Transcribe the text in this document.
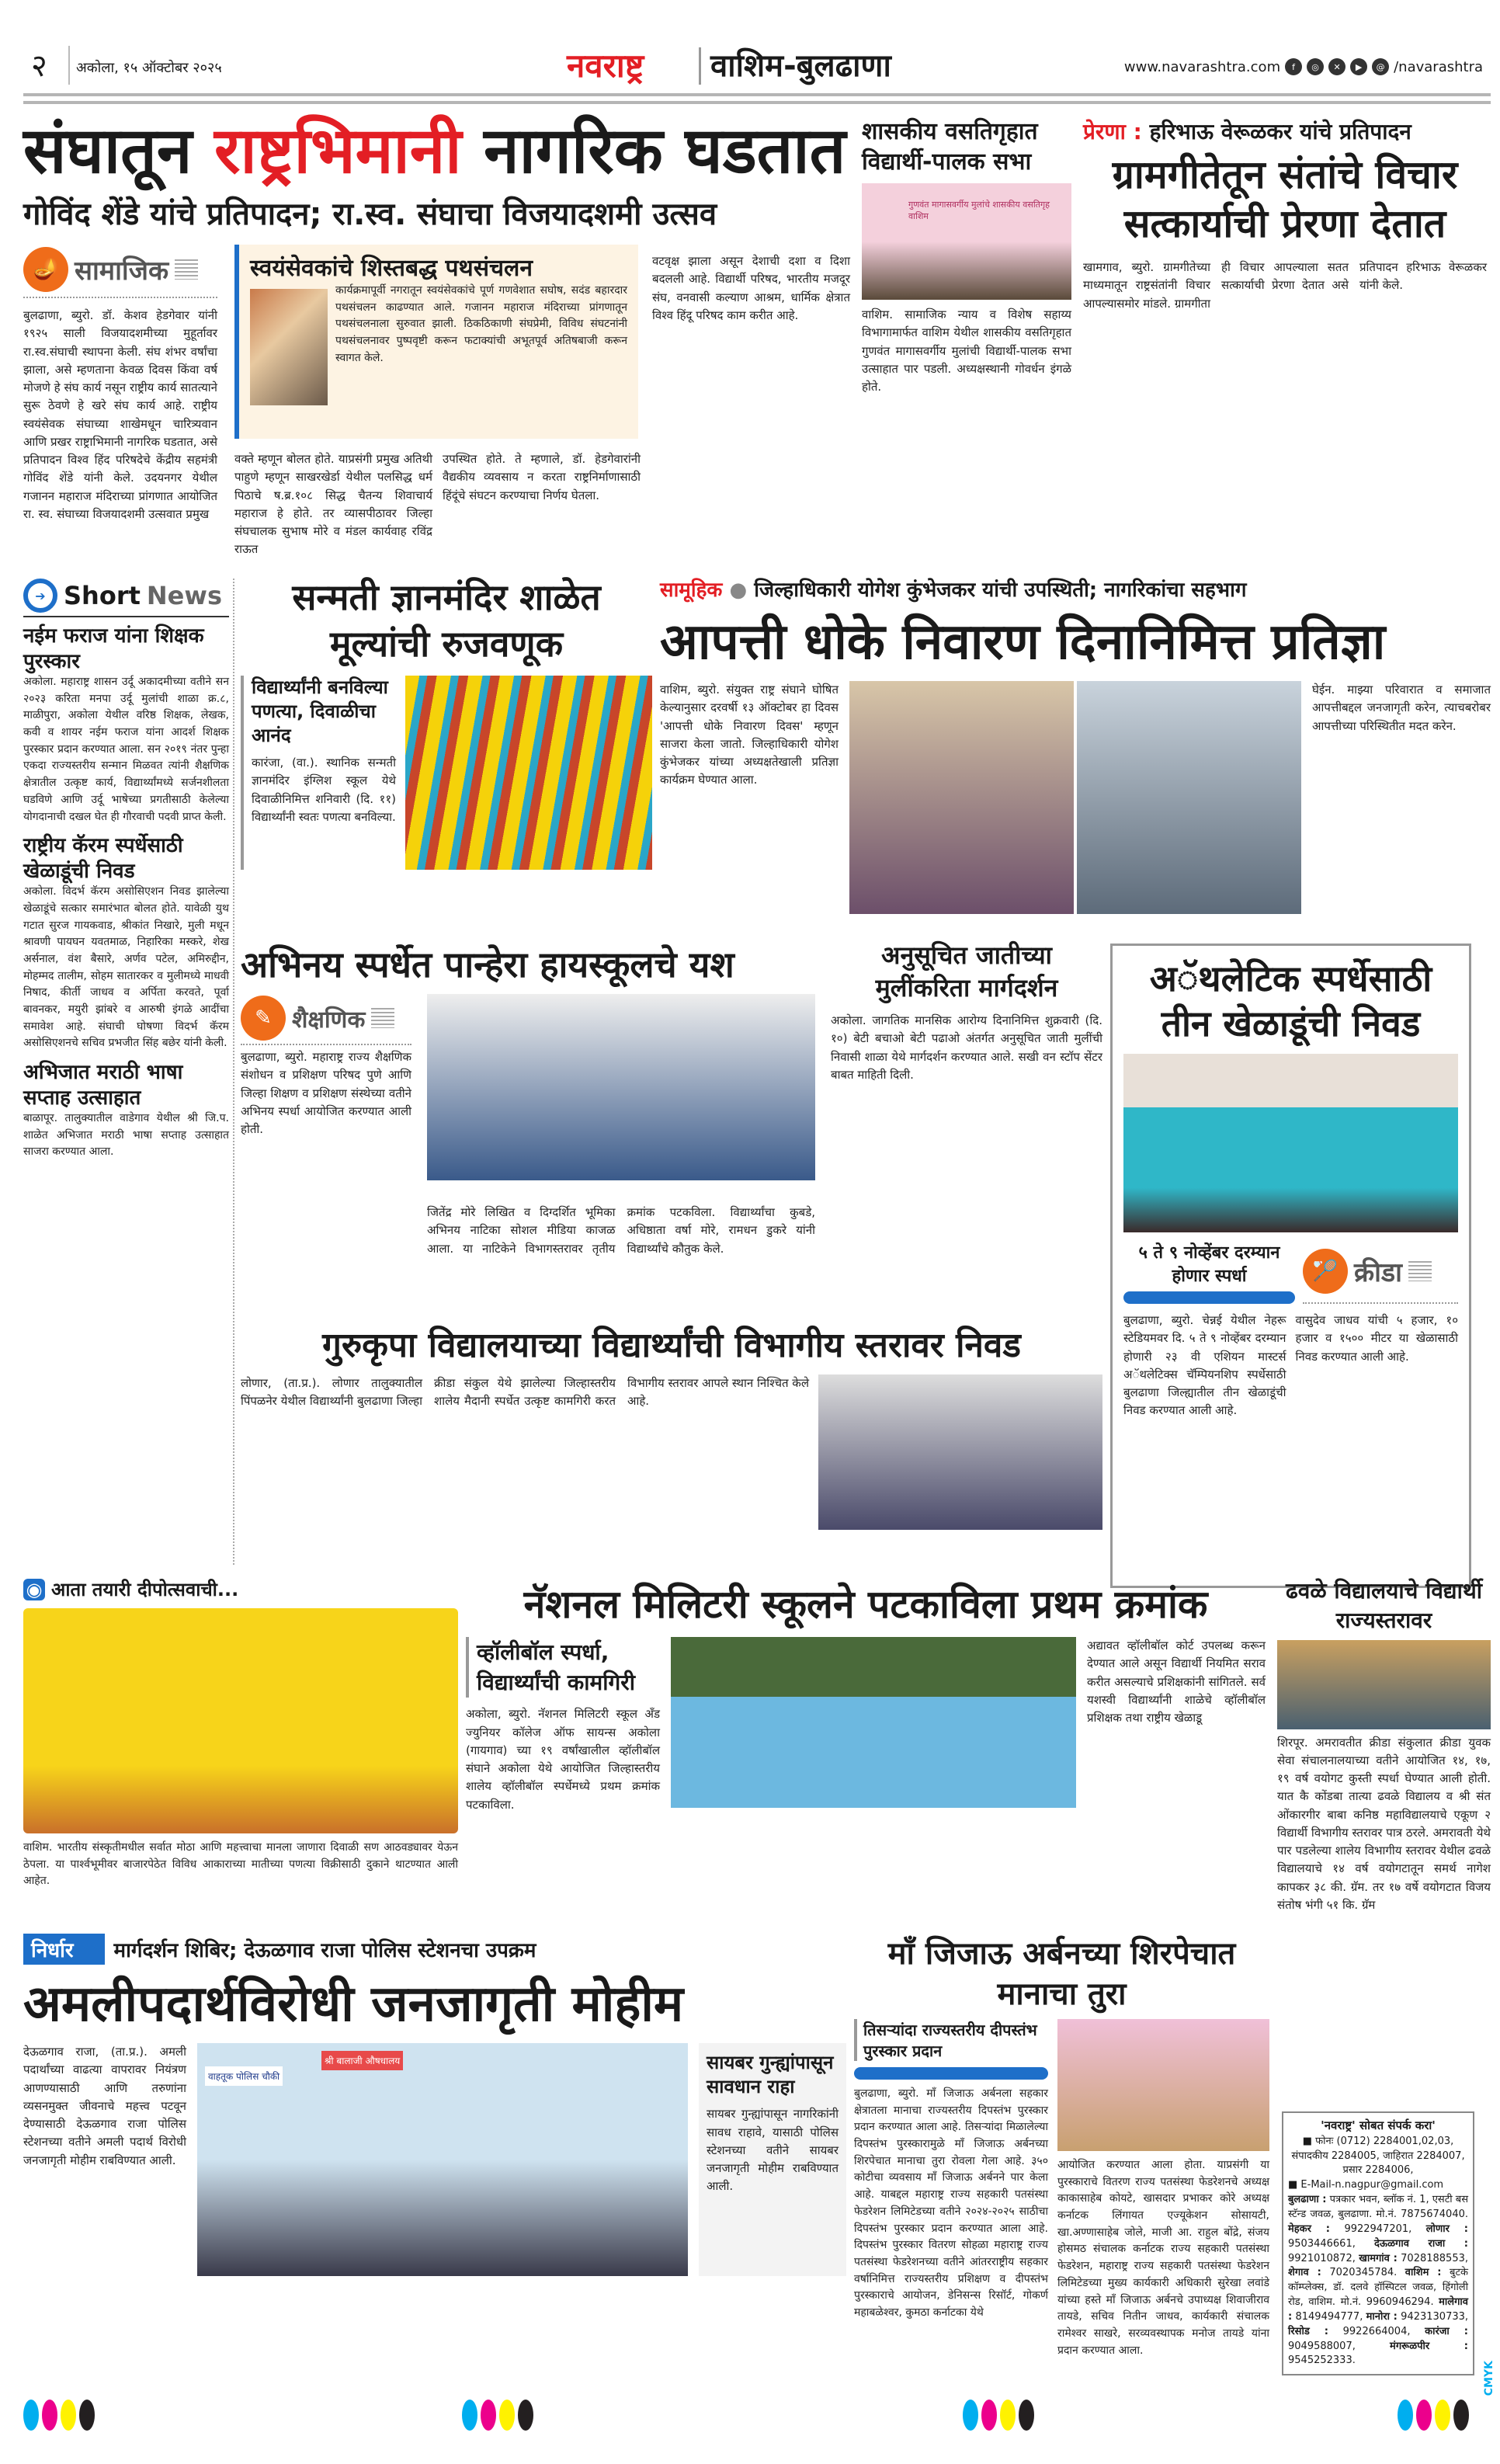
२ अकोला, १५ ऑक्टोबर २०२५	नवराष्ट्र वाशिम-बुलढाणा	www.navarashtra.com	f	◎	✕	▶	@ /navarashtra
संघातून राष्ट्रभिमानी नागरिक घडतात
गोविंद शेंडे यांचे प्रतिपादन; रा.स्व. संघाचा विजयादशमी उत्सव
🪔 सामाजिक

बुलढाणा, ब्युरो. डॉ. केशव हेडगेवार यांनी १९२५ साली विजयादशमीच्या मुहूर्तावर रा.स्व.संघाची स्थापना केली. संघ शंभर वर्षांचा झाला, असे म्हणताना केवळ दिवस किंवा वर्ष मोजणे हे संघ कार्य नसून राष्ट्रीय कार्य सातत्याने सुरू ठेवणे हे खरे संघ कार्य आहे. राष्ट्रीय स्वयंसेवक संघाच्या शाखेमधून चारित्र्यवान आणि प्रखर राष्ट्राभिमानी नागरिक घडतात, असे प्रतिपादन विश्व हिंद परिषदेचे केंद्रीय सहमंत्री गोविंद शेंडे यांनी केले. उदयनगर येथील गजानन महाराज मंदिराच्या प्रांगणात आयोजित रा. स्व. संघाच्या विजयादशमी उत्सवात प्रमुख

स्वयंसेवकांचे शिस्तबद्ध पथसंचलन

कार्यक्रमापूर्वी नगरातून स्वयंसेवकांचे पूर्ण गणवेशात सघोष, सदंड बहारदार पथसंचलन काढण्यात आले. गजानन महाराज मंदिराच्या प्रांगणातून पथसंचलनाला सुरुवात झाली. ठिकठिकाणी संघप्रेमी, विविध संघटनांनी पथसंचलनावर पुष्पवृष्टी करून फटाक्यांची अभूतपूर्व अतिषबाजी करून स्वागत केले.

वक्ते म्हणून बोलत होते. याप्रसंगी प्रमुख अतिथी पाहुणे म्हणून साखरखेर्डा येथील पलसिद्ध धर्म पिठाचे ष.ब्र.१०८ सिद्ध चैतन्य शिवाचार्य महाराज हे होते. तर व्यासपीठावर जिल्हा संघचालक सुभाष मोरे व मंडल कार्यवाह रविंद्र राऊत

उपस्थित होते. ते म्हणाले, डॉ. हेडगेवारांनी वैद्यकीय व्यवसाय न करता राष्ट्रनिर्माणासाठी हिंदूंचे संघटन करण्याचा निर्णय घेतला.

वटवृक्ष झाला असून देशाची दशा व दिशा बदलली आहे. विद्यार्थी परिषद, भारतीय मजदूर संघ, वनवासी कल्याण आश्रम, धार्मिक क्षेत्रात विश्व हिंदू परिषद काम करीत आहे.

शासकीय वसतिगृहात विद्यार्थी-पालक सभा
गुणवंत मागासवर्गीय मुलांचे शासकीय वसतिगृह वाशिम

वाशिम. सामाजिक न्याय व विशेष सहाय्य विभागामार्फत वाशिम येथील शासकीय वसतिगृहात गुणवंत मागासवर्गीय मुलांची विद्यार्थी-पालक सभा उत्साहात पार पडली. अध्यक्षस्थानी गोवर्धन इंगळे होते.

प्रेरणा : हरिभाऊ वेरूळकर यांचे प्रतिपादन
ग्रामगीतेतून संतांचे विचार सत्कार्याची प्रेरणा देतात

खामगाव, ब्युरो. ग्रामगीतेच्या माध्यमातून राष्ट्रसंतांनी विचार आपल्यासमोर मांडले. ग्रामगीता ही विचार आपल्याला सतत सत्कार्याची प्रेरणा देतात असे प्रतिपादन हरिभाऊ वेरूळकर यांनी केले.

➔ Short News
नईम फराज यांना शिक्षक पुरस्कार

अकोला. महाराष्ट्र शासन उर्दू अकादमीच्या वतीने सन २०२३ करिता मनपा उर्दू मुलांची शाळा क्र.८, माळीपुरा, अकोला येथील वरिष्ठ शिक्षक, लेखक, कवी व शायर नईम फराज यांना आदर्श शिक्षक पुरस्कार प्रदान करण्यात आला. सन २०१९ नंतर पुन्हा एकदा राज्यस्तरीय सन्मान मिळवत त्यांनी शैक्षणिक क्षेत्रातील उत्कृष्ट कार्य, विद्यार्थ्यांमध्ये सर्जनशीलता घडविणे आणि उर्दू भाषेच्या प्रगतीसाठी केलेल्या योगदानाची दखल घेत ही गौरवाची पदवी प्राप्त केली.

राष्ट्रीय कॅरम स्पर्धेसाठी खेळाडूंची निवड

अकोला. विदर्भ कॅरम असोसिएशन निवड झालेल्या खेळाडूंचे सत्कार समारंभात बोलत होते. यावेळी युथ गटात सुरज गायकवाड, श्रीकांत निखारे, मुली मधून श्रावणी पायघन यवतमाळ, निहारिका मस्करे, शेख अर्सनाल, वंश बैसारे, अर्णव पटेल, अमिरुद्दीन, मोहम्मद तालीम, सोहम सातारकर व मुलीमध्ये माधवी निषाद, कीर्ती जाधव व अर्पिता करवते, पूर्वा बावनकर, मयुरी झांबरे व आरुषी इंगळे आदींचा समावेश आहे. संघाची घोषणा विदर्भ कॅरम असोसिएशनचे सचिव प्रभजीत सिंह बछेर यांनी केली.

अभिजात मराठी भाषा सप्ताह उत्साहात

बाळापूर. तालुक्यातील वाडेगाव येथील श्री जि.प. शाळेत अभिजात मराठी भाषा सप्ताह उत्साहात साजरा करण्यात आला.

सन्मती ज्ञानमंदिर शाळेत मूल्यांची रुजवणूक
विद्यार्थ्यांनी बनविल्या पणत्या, दिवाळीचा आनंद

कारंजा, (वा.). स्थानिक सन्मती ज्ञानमंदिर इंग्लिश स्कूल येथे दिवाळीनिमित्त शनिवारी (दि. ११) विद्यार्थ्यांनी स्वतः पणत्या बनविल्या.

सामूहिक ● जिल्हाधिकारी योगेश कुंभेजकर यांची उपस्थिती; नागरिकांचा सहभाग
आपत्ती धोके निवारण दिनानिमित्त प्रतिज्ञा

वाशिम, ब्युरो. संयुक्त राष्ट्र संघाने घोषित केल्यानुसार दरवर्षी १३ ऑक्टोबर हा दिवस 'आपत्ती धोके निवारण दिवस' म्हणून साजरा केला जातो. जिल्हाधिकारी योगेश कुंभेजकर यांच्या अध्यक्षतेखाली प्रतिज्ञा कार्यक्रम घेण्यात आला.

घेईन. माझ्या परिवारात व समाजात आपत्तीबद्दल जनजागृती करेन, त्याचबरोबर आपत्तीच्या परिस्थितीत मदत करेन.

अभिनय स्पर्धेत पान्हेरा हायस्कूलचे यश
✎ शैक्षणिक

बुलढाणा, ब्युरो. महाराष्ट्र राज्य शैक्षणिक संशोधन व प्रशिक्षण परिषद पुणे आणि जिल्हा शिक्षण व प्रशिक्षण संस्थेच्या वतीने अभिनय स्पर्धा आयोजित करण्यात आली होती.

जितेंद्र मोरे लिखित व दिग्दर्शित भूमिका अभिनय नाटिका सोशल मीडिया काजळ आला. या नाटिकेने विभागस्तरावर तृतीय क्रमांक पटकविला. विद्यार्थ्यांचा कुबडे, अधिष्ठाता वर्षा मोरे, रामधन डुकरे यांनी विद्यार्थ्यांचे कौतुक केले.

अनुसूचित जातीच्या मुलींकरिता मार्गदर्शन

अकोला. जागतिक मानसिक आरोग्य दिनानिमित्त शुक्रवारी (दि. १०) बेटी बचाओ बेटी पढाओ अंतर्गत अनुसूचित जाती मुलींची निवासी शाळा येथे मार्गदर्शन करण्यात आले. सखी वन स्टॉप सेंटर बाबत माहिती दिली.

अॅथलेटिक स्पर्धेसाठी तीन खेळाडूंची निवड
५ ते ९ नोव्हेंबर दरम्यान होणार स्पर्धा	🏸 क्रीडा

बुलढाणा, ब्युरो. चेन्नई येथील नेहरू स्टेडियमवर दि. ५ ते ९ नोव्हेंबर दरम्यान होणारी २३ वी एशियन मास्टर्स अॅथलेटिक्स चॅम्पियनशिप स्पर्धेसाठी बुलढाणा जिल्ह्यातील तीन खेळाडूंची निवड करण्यात आली आहे.

वासुदेव जाधव यांची ५ हजार, १० हजार व १५०० मीटर या खेळासाठी निवड करण्यात आली आहे.

गुरुकृपा विद्यालयाच्या विद्यार्थ्यांची विभागीय स्तरावर निवड

लोणार, (ता.प्र.). लोणार तालुक्यातील पिंपळनेर येथील विद्यार्थ्यांनी बुलढाणा जिल्हा क्रीडा संकुल येथे झालेल्या जिल्हास्तरीय शालेय मैदानी स्पर्धेत उत्कृष्ट कामगिरी करत विभागीय स्तरावर आपले स्थान निश्चित केले आहे.

◉ आता तयारी दीपोत्सवाची...

वाशिम. भारतीय संस्कृतीमधील सर्वात मोठा आणि महत्त्वाचा मानला जाणारा दिवाळी सण आठवड्यावर येऊन ठेपला. या पार्श्वभूमीवर बाजारपेठेत विविध आकाराच्या मातीच्या पणत्या विक्रीसाठी दुकाने थाटण्यात आली आहेत.

नॅशनल मिलिटरी स्कूलने पटकाविला प्रथम क्रमांक
व्हॉलीबॉल स्पर्धा, विद्यार्थ्यांची कामगिरी

अकोला, ब्युरो. नॅशनल मिलिटरी स्कूल अँड ज्युनियर कॉलेज ऑफ सायन्स अकोला (गायगाव) च्या १९ वर्षांखालील व्हॉलीबॉल संघाने अकोला येथे आयोजित जिल्हास्तरीय शालेय व्हॉलीबॉल स्पर्धेमध्ये प्रथम क्रमांक पटकाविला.

अद्यावत व्हॉलीबॉल कोर्ट उपलब्ध करून देण्यात आले असून विद्यार्थी नियमित सराव करीत असल्याचे प्रशिक्षकांनी सांगितले. सर्व यशस्वी विद्यार्थ्यांनी शाळेचे व्हॉलीबॉल प्रशिक्षक तथा राष्ट्रीय खेळाडू

ढवळे विद्यालयाचे विद्यार्थी राज्यस्तरावर

शिरपूर. अमरावतीत क्रीडा संकुलात क्रीडा युवक सेवा संचालनालयाच्या वतीने आयोजित १४, १७, १९ वर्ष वयोगट कुस्ती स्पर्धा घेण्यात आली होती. यात कै कोंडबा तात्या ढवळे विद्यालय व श्री संत ओंकारगीर बाबा कनिष्ठ महाविद्यालयाचे एकूण २ विद्यार्थी विभागीय स्तरावर पात्र ठरले. अमरावती येथे पार पडलेल्या शालेय विभागीय स्तरावर येथील ढवळे विद्यालयाचे १४ वर्ष वयोगटातून समर्थ नागेश कापकर ३८ की. ग्रॅम. तर १७ वर्षे वयोगटात विजय संतोष भंगी ५१ कि. ग्रॅम

निर्धार	मार्गदर्शन शिबिर; देऊळगाव राजा पोलिस स्टेशनचा उपक्रम
अमलीपदार्थविरोधी जनजागृती मोहीम

देऊळगाव राजा, (ता.प्र.). अमली पदार्थांच्या वाढत्या वापरावर नियंत्रण आणण्यासाठी आणि तरुणांना व्यसनमुक्त जीवनाचे महत्त्व पटवून देण्यासाठी देऊळगाव राजा पोलिस स्टेशनच्या वतीने अमली पदार्थ विरोधी जनजागृती मोहीम राबविण्यात आली.

वाहतूक पोलिस चौकी
श्री बालाजी औषधालय	सायबर गुन्ह्यांपासून सावधान राहा

सायबर गुन्ह्यांपासून नागरिकांनी सावध राहावे, यासाठी पोलिस स्टेशनच्या वतीने सायबर जनजागृती मोहीम राबविण्यात आली.

माँ जिजाऊ अर्बनच्या शिरपेचात मानाचा तुरा
तिसऱ्यांदा राज्यस्तरीय दीपस्तंभ पुरस्कार प्रदान

बुलढाणा, ब्युरो. माँ जिजाऊ अर्बनला सहकार क्षेत्रातला मानाचा राज्यस्तरीय दिपस्तंभ पुरस्कार प्रदान करण्यात आला आहे. तिसऱ्यांदा मिळालेल्या दिपस्तंभ पुरस्कारामुळे माँ जिजाऊ अर्बनच्या शिरपेचात मानाचा तुरा रोवला गेला आहे. ३५० कोटीचा व्यवसाय माँ जिजाऊ अर्बनने पार केला आहे. याबद्दल महाराष्ट्र राज्य सहकारी पतसंस्था फेडरेशन लिमिटेडच्या वतीने २०२४-२०२५ साठीचा दिपस्तंभ पुरस्कार प्रदान करण्यात आला आहे. दिपस्तंभ पुरस्कार वितरण सोहळा महाराष्ट्र राज्य पतसंस्था फेडरेशनच्या वतीने आंतरराष्ट्रीय सहकार वर्षानिमित्त राज्यस्तरीय प्रशिक्षण व दीपस्तंभ पुरस्काराचे आयोजन, डेनिसन्स रिसॉर्ट, गोकर्ण महाबळेश्वर, कुमठा कर्नाटका येथे

आयोजित करण्यात आला होता. याप्रसंगी या पुरस्काराचे वितरण राज्य पतसंस्था फेडरेशनचे अध्यक्ष काकासाहेब कोयटे, खासदार प्रभाकर कोरे अध्यक्ष कर्नाटक लिंगायत एज्यूकेशन सोसायटी, खा.अण्णासाहेब जोले, माजी आ. राहुल बोंद्रे, संजय होसमठ संचालक कर्नाटक राज्य सहकारी पतसंस्था फेडरेशन, महाराष्ट्र राज्य सहकारी पतसंस्था फेडरेशन लिमिटेडच्या मुख्य कार्यकारी अधिकारी सुरेखा लवांडे यांच्या हस्ते माँ जिजाऊ अर्बनचे उपाध्यक्ष शिवाजीराव तायडे, सचिव नितीन जाधव, कार्यकारी संचालक रामेश्वर साखरे, सरव्यवस्थापक मनोज तायडे यांना प्रदान करण्यात आला.

'नवराष्ट्र' सोबत संपर्क करा'
■ फोनः (0712) 2284001,02,03, संपादकीय 2284005, जाहिरात 2284007, प्रसार 2284006,
■ E-Mail-n.nagpur@gmail.com
बुलढाणा : पत्रकार भवन, ब्लॉक नं. 1, एसटी बस स्टॅन्ड जवळ, बुलढाणा. मो.नं. 7875674040. मेहकर : 9922947201, लोणार : 9503446661, देऊळगाव राजा : 9921010872, खामगांव : 7028188553, शेगाव : 7020345784. वाशिम : बुटके कॉम्प्लेक्स, डॉ. दलवे हॉस्पिटल जवळ, हिंगोली रोड, वाशिम. मो.नं. 9960946294. मालेगाव : 8149494777, मानोरा : 9423130733, रिसोड : 9922664004, कारंजा : 9049588007,	मंगरूळपीर : 9545252333.
CMYK
